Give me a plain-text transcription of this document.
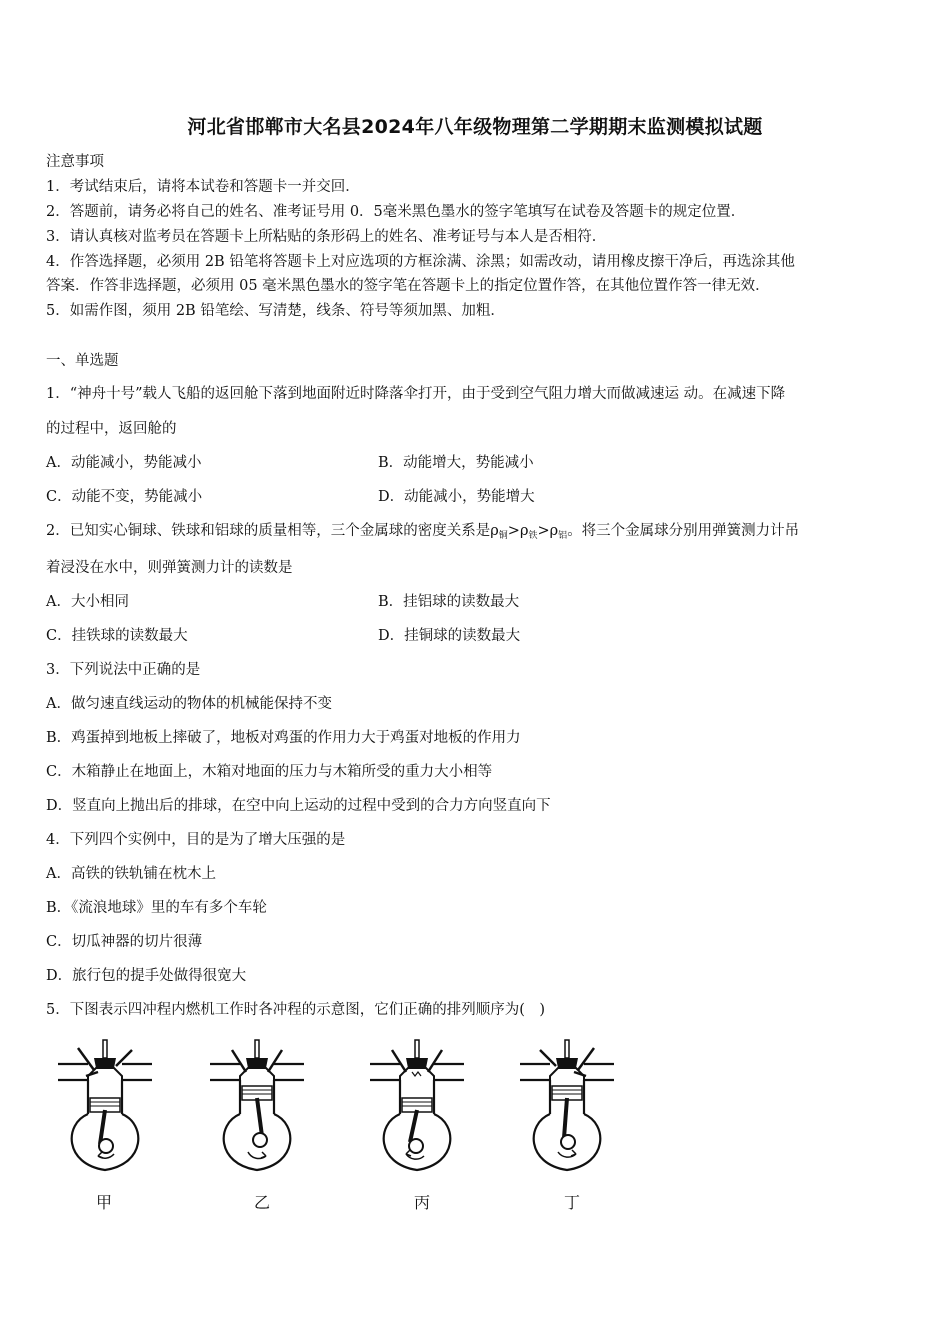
河北省邯郸市大名县2024年八年级物理第二学期期末监测模拟试题
注意事项
1．考试结束后，请将本试卷和答题卡一并交回．
2．答题前，请务必将自己的姓名、准考证号用 0．5毫米黑色墨水的签字笔填写在试卷及答题卡的规定位置．
3．请认真核对监考员在答题卡上所粘贴的条形码上的姓名、准考证号与本人是否相符．
4．作答选择题，必须用 2B 铅笔将答题卡上对应选项的方框涂满、涂黑；如需改动，请用橡皮擦干净后，再选涂其他
答案．作答非选择题，必须用 05 毫米黑色墨水的签字笔在答题卡上的指定位置作答，在其他位置作答一律无效．
5．如需作图，须用 2B 铅笔绘、写清楚，线条、符号等须加黑、加粗．
一、单选题
1．“神舟十号”载人飞船的返回舱下落到地面附近时降落伞打开，由于受到空气阻力增大而做减速运 动。在减速下降
的过程中，返回舱的
A．动能减小，势能减小	B．动能增大，势能减小
C．动能不变，势能减小	D．动能减小，势能增大
2．已知实心铜球、铁球和铝球的质量相等，三个金属球的密度关系是$\rho_铜>\rho_铁>\rho_铝$。将三个金属球分别用弹簧测力计吊
着浸没在水中，则弹簧测力计的读数是
A．大小相同	B．挂铝球的读数最大
C．挂铁球的读数最大	D．挂铜球的读数最大
3．下列说法中正确的是
A．做匀速直线运动的物体的机械能保持不变
B．鸡蛋掉到地板上摔破了，地板对鸡蛋的作用力大于鸡蛋对地板的作用力
C．木箱静止在地面上，木箱对地面的压力与木箱所受的重力大小相等
D．竖直向上抛出后的排球，在空中向上运动的过程中受到的合力方向竖直向下
4．下列四个实例中，目的是为了增大压强的是
A．高铁的铁轨铺在枕木上
B．《流浪地球》里的车有多个车轮
C．切瓜神器的切片很薄
D．旅行包的提手处做得很宽大
5．下图表示四冲程内燃机工作时各冲程的示意图，它们正确的排列顺序为(　)
甲	乙	丙	丁
